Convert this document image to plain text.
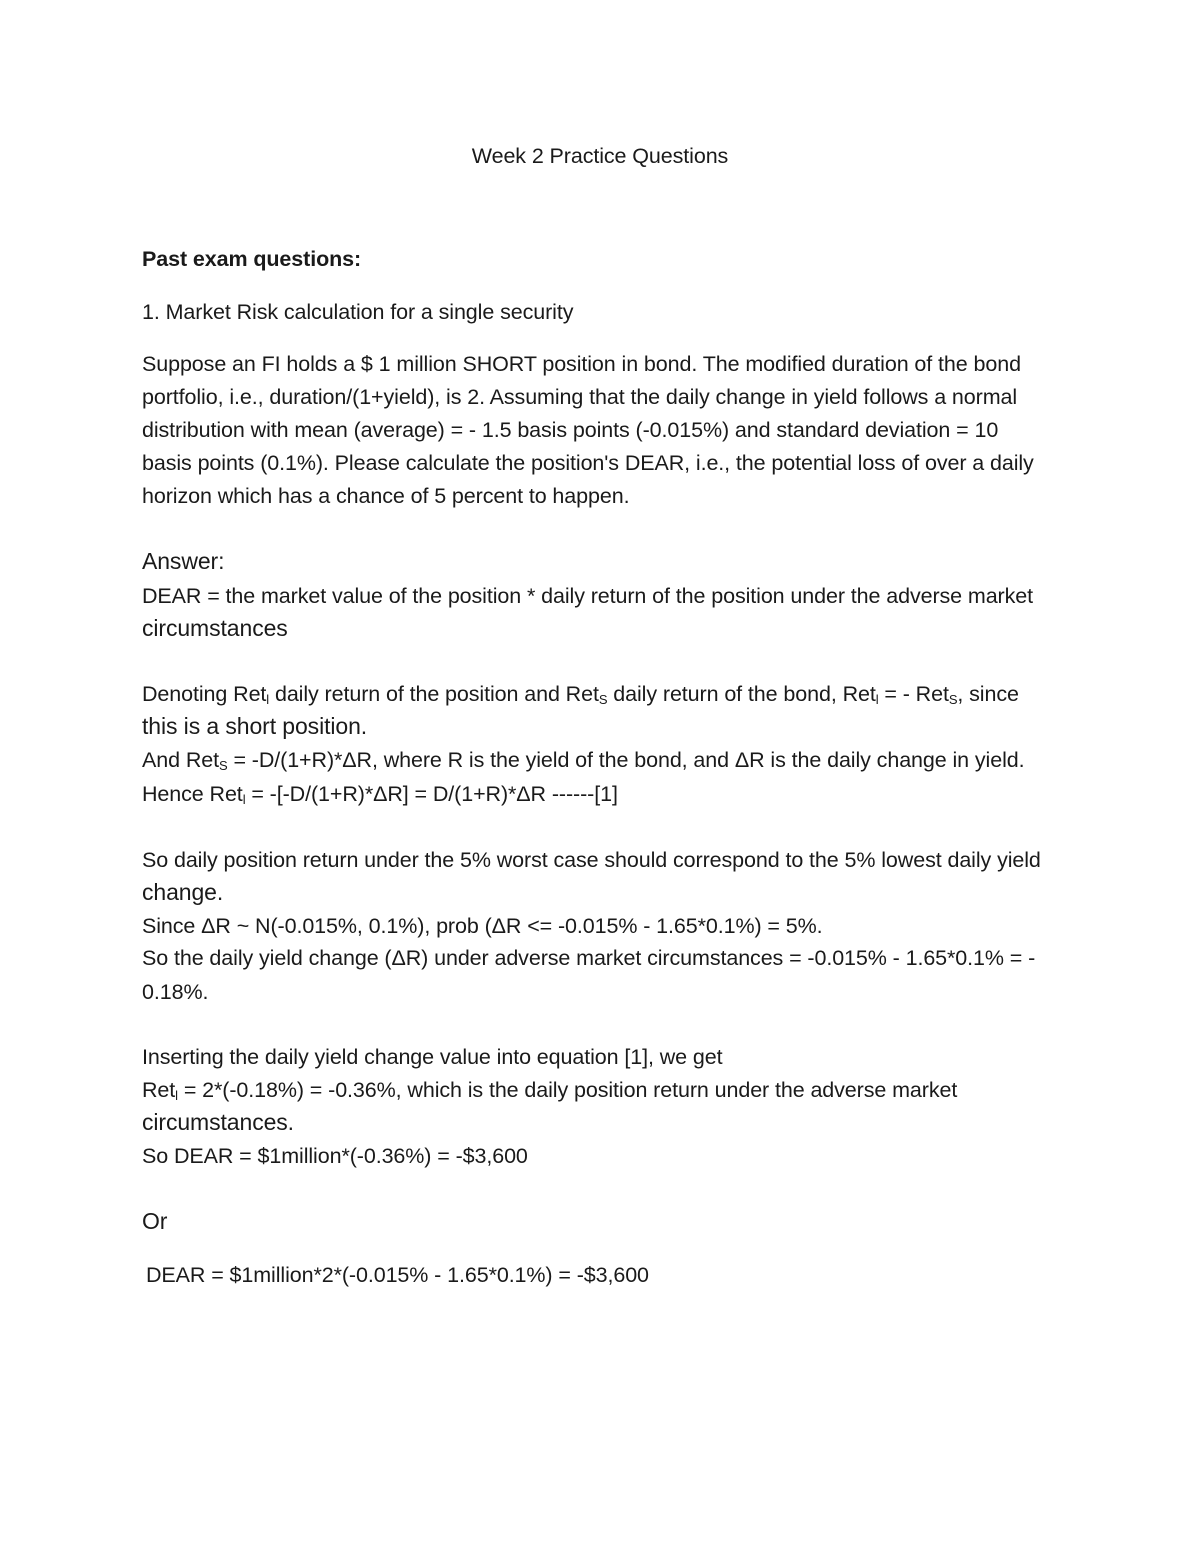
Week 2 Practice Questions
Past exam questions:
1. Market Risk calculation for a single security
Suppose an FI holds a $ 1 million SHORT position in bond. The modified duration of the bond
portfolio, i.e., duration/(1+yield), is 2. Assuming that the daily change in yield follows a normal
distribution with mean (average) = - 1.5 basis points (-0.015%) and standard deviation = 10
basis points (0.1%). Please calculate the position's DEAR, i.e., the potential loss of over a daily
horizon which has a chance of 5 percent to happen.
Answer:
DEAR = the market value of the position * daily return of the position under the adverse market
circumstances
Denoting Ret$_l$ daily return of the position and Ret$_S$ daily return of the bond, Ret$_l$ = - Ret$_S$, since
this is a short position.
And Ret$_S$ = -D/(1+R)*ΔR, where R is the yield of the bond, and ΔR is the daily change in yield.
Hence Ret$_l$ = -[-D/(1+R)*ΔR] = D/(1+R)*ΔR ------[1]
So daily position return under the 5% worst case should correspond to the 5% lowest daily yield
change.
Since ΔR ~ N(-0.015%, 0.1%), prob (ΔR <= -0.015% - 1.65*0.1%) = 5%.
So the daily yield change (ΔR) under adverse market circumstances = -0.015% - 1.65*0.1% = -
0.18%.
Inserting the daily yield change value into equation [1], we get
Ret$_l$ = 2*(-0.18%) = -0.36%, which is the daily position return under the adverse market
circumstances.
So DEAR = $1million*(-0.36%) = -$3,600
Or
DEAR = $1million*2*(-0.015% - 1.65*0.1%) = -$3,600
